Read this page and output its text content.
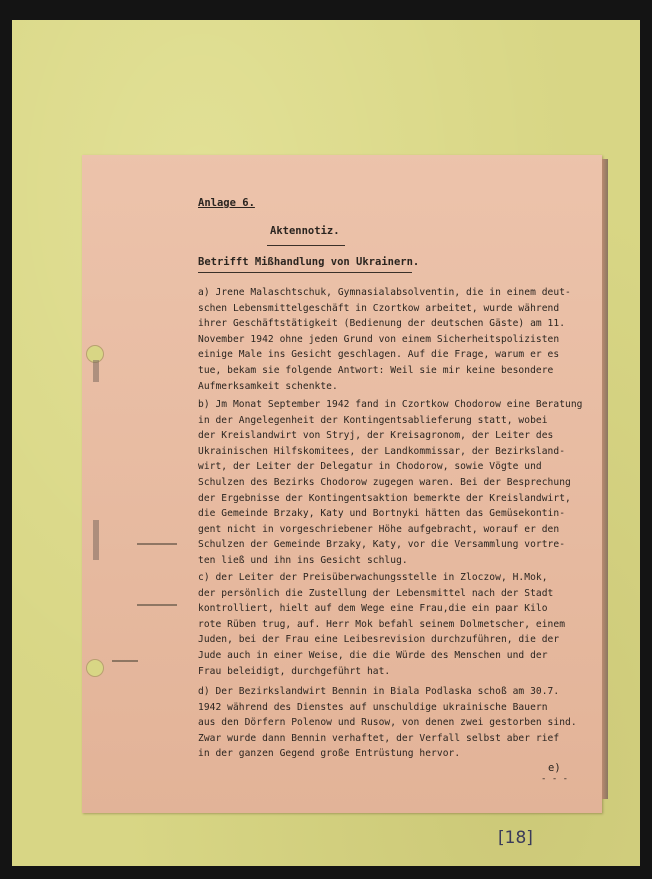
Anlage 6.
Aktennotiz.
Betrifft Mißhandlung von Ukrainern.
a) Jrene Malaschtschuk, Gymnasialabsolventin, die in einem deut-
schen Lebensmittelgeschäft in Czortkow arbeitet, wurde während
ihrer Geschäftstätigkeit (Bedienung der deutschen Gäste) am 11.
November 1942 ohne jeden Grund von einem Sicherheitspolizisten
einige Male ins Gesicht geschlagen. Auf die Frage, warum er es
tue, bekam sie folgende Antwort: Weil sie mir keine besondere
Aufmerksamkeit schenkte.
b) Jm Monat September 1942 fand in Czortkow Chodorow eine Beratung
in der Angelegenheit der Kontingentsablieferung statt, wobei
der Kreislandwirt von Stryj, der Kreisagronom, der Leiter des
Ukrainischen Hilfskomitees, der Landkommissar, der Bezirksland-
wirt, der Leiter der Delegatur in Chodorow, sowie Vögte und
Schulzen des Bezirks Chodorow zugegen waren. Bei der Besprechung
der Ergebnisse der Kontingentsaktion bemerkte der Kreislandwirt,
die Gemeinde Brzaky, Katy und Bortnyki hätten das Gemüsekontin-
gent nicht in vorgeschriebener Höhe aufgebracht, worauf er den
Schulzen der Gemeinde Brzaky, Katy, vor die Versammlung vortre-
ten ließ und ihn ins Gesicht schlug.
c) der Leiter der Preisüberwachungsstelle in Zloczow, H.Mok,
der persönlich die Zustellung der Lebensmittel nach der Stadt
kontrolliert, hielt auf dem Wege eine Frau,die ein paar Kilo
rote Rüben trug, auf. Herr Mok befahl seinem Dolmetscher, einem
Juden, bei der Frau eine Leibesrevision durchzuführen, die der
Jude auch in einer Weise, die die Würde des Menschen und der
Frau beleidigt, durchgeführt hat.
d) Der Bezirkslandwirt Bennin in Biala Podlaska schoß am 30.7.
1942 während des Dienstes auf unschuldige ukrainische Bauern
aus den Dörfern Polenow und Rusow, von denen zwei gestorben sind.
Zwar wurde dann Bennin verhaftet, der Verfall selbst aber rief
in der ganzen Gegend große Entrüstung hervor.
e)
- - -
[18]
